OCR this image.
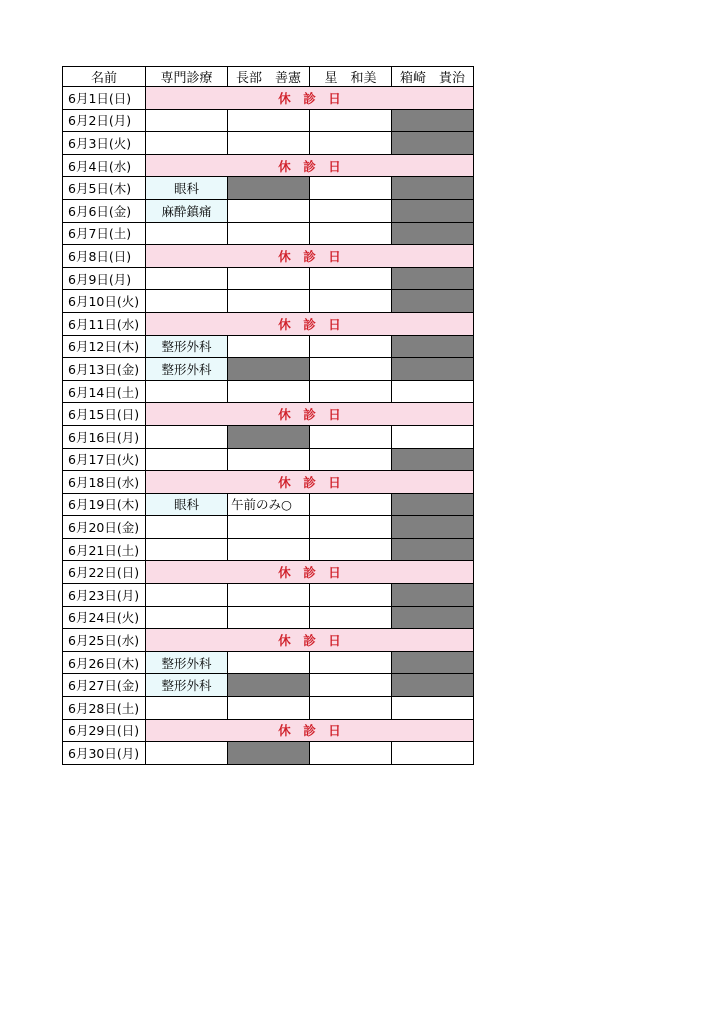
名前	専門診療	長部　善憲	星　和美	箱崎　貴治
6月1日(日)	休　診　日			
6月2日(月)				
6月3日(火)				
6月4日(水)	休　診　日			
6月5日(木)	眼科			
6月6日(金)	麻酔鎮痛			
6月7日(土)				
6月8日(日)	休　診　日			
6月9日(月)				
6月10日(火)				
6月11日(水)	休　診　日			
6月12日(木)	整形外科			
6月13日(金)	整形外科			
6月14日(土)				
6月15日(日)	休　診　日			
6月16日(月)				
6月17日(火)				
6月18日(水)	休　診　日			
6月19日(木)	眼科	午前のみ○		
6月20日(金)				
6月21日(土)				
6月22日(日)	休　診　日			
6月23日(月)				
6月24日(火)				
6月25日(水)	休　診　日			
6月26日(木)	整形外科			
6月27日(金)	整形外科			
6月28日(土)				
6月29日(日)	休　診　日			
6月30日(月)				
